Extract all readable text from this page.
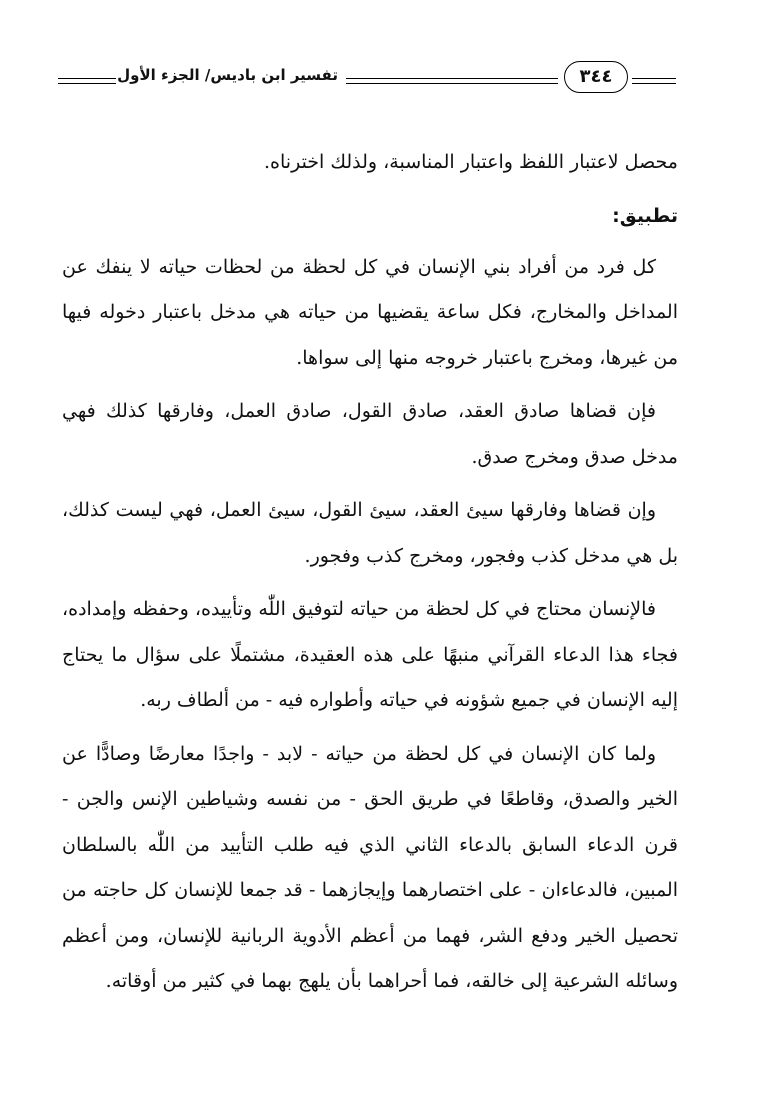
تفسير ابن باديس/ الجزء الأول	٣٤٤

محصل لاعتبار اللفظ واعتبار المناسبة، ولذلك اخترناه.

تطبيق:

كل فرد من أفراد بني الإنسان في كل لحظة من لحظات حياته لا ينفك عن المداخل والمخارج، فكل ساعة يقضيها من حياته هي مدخل باعتبار دخوله فيها من غيرها، ومخرج باعتبار خروجه منها إلى سواها.

فإن قضاها صادق العقد، صادق القول، صادق العمل، وفارقها كذلك فهي مدخل صدق ومخرج صدق.

وإن قضاها وفارقها سيئ العقد، سيئ القول، سيئ العمل، فهي ليست كذلك، بل هي مدخل كذب وفجور، ومخرج كذب وفجور.

فالإنسان محتاج في كل لحظة من حياته لتوفيق اللّٰه وتأييده، وحفظه وإمداده، فجاء هذا الدعاء القرآني منبهًا على هذه العقيدة، مشتملًا على سؤال ما يحتاج إليه الإنسان في جميع شؤونه في حياته وأطواره فيه - من ألطاف ربه.

ولما كان الإنسان في كل لحظة من حياته - لابد - واجدًا معارضًا وصادًّا عن الخير والصدق، وقاطعًا في طريق الحق - من نفسه وشياطين الإنس والجن - قرن الدعاء السابق بالدعاء الثاني الذي فيه طلب التأييد من اللّٰه بالسلطان المبين، فالدعاءان - على اختصارهما وإيجازهما - قد جمعا للإنسان كل حاجته من تحصيل الخير ودفع الشر، فهما من أعظم الأدوية الربانية للإنسان، ومن أعظم وسائله الشرعية إلى خالقه، فما أحراهما بأن يلهج بهما في كثير من أوقاته.
